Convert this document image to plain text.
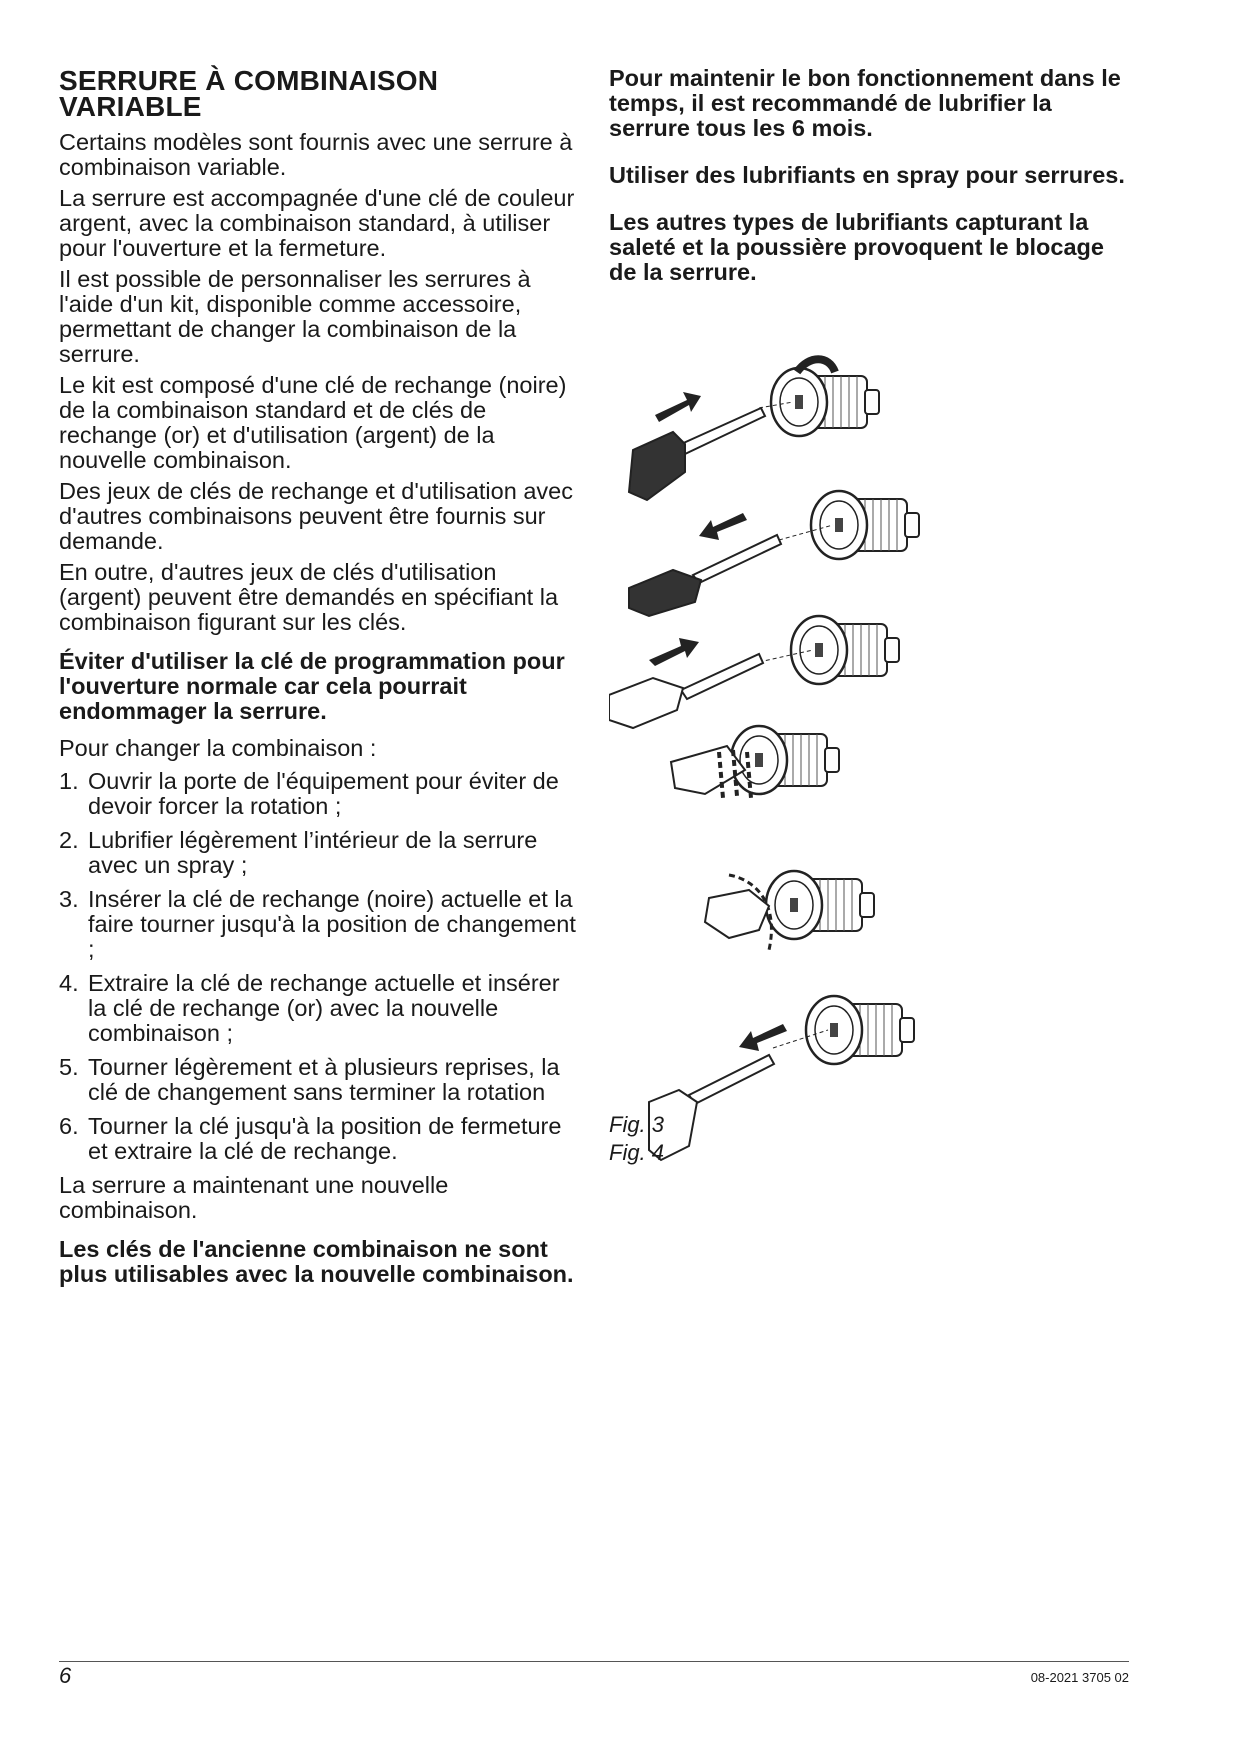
SERRURE À COMBINAISON VARIABLE

Certains modèles sont fournis avec une serrure à combinaison variable.

La serrure est accompagnée d'une clé de couleur argent, avec la combinaison standard, à utiliser pour l'ouverture et la fermeture.

Il est possible de personnaliser les serrures à l'aide d'un kit, disponible comme accessoire, permettant de changer la combinaison de la serrure.

Le kit est composé d'une clé de rechange (noire) de la combinaison standard et de clés de rechange (or) et d'utilisation (argent) de la nouvelle combinaison.

Des jeux de clés de rechange et d'utilisation avec d'autres combinaisons peuvent être fournis sur demande.

En outre, d'autres jeux de clés d'utilisation (argent) peuvent être demandés en spécifiant la combinaison figurant sur les clés.

Éviter d'utiliser la clé de programmation pour l'ouverture normale car cela pourrait endommager la serrure.

Pour changer la combinaison :

1. Ouvrir la porte de l'équipement pour éviter de devoir forcer la rotation ;
2. Lubrifier légèrement l’intérieur de la serrure avec un spray ;
3. Insérer la clé de rechange (noire) actuelle et la faire tourner jusqu'à la position de changement ;
4. Extraire la clé de rechange actuelle et insérer la clé de rechange (or) avec la nouvelle combinaison ;
5. Tourner légèrement et à plusieurs reprises, la clé de changement sans terminer la rotation
6. Tourner la clé jusqu'à la position de fermeture et extraire la clé de rechange.

La serrure a maintenant une nouvelle combinaison.

Les clés de l'ancienne combinaison ne sont plus utilisables avec la nouvelle combinaison.

Pour maintenir le bon fonctionnement dans le temps, il est recommandé de lubrifier la serrure tous les 6 mois.

Utiliser des lubrifiants en spray pour serrures.

Les autres types de lubrifiants capturant la saleté et la poussière provoquent le blocage de la serrure.

Fig. 3
Fig. 4
6	08-2021 3705 02
